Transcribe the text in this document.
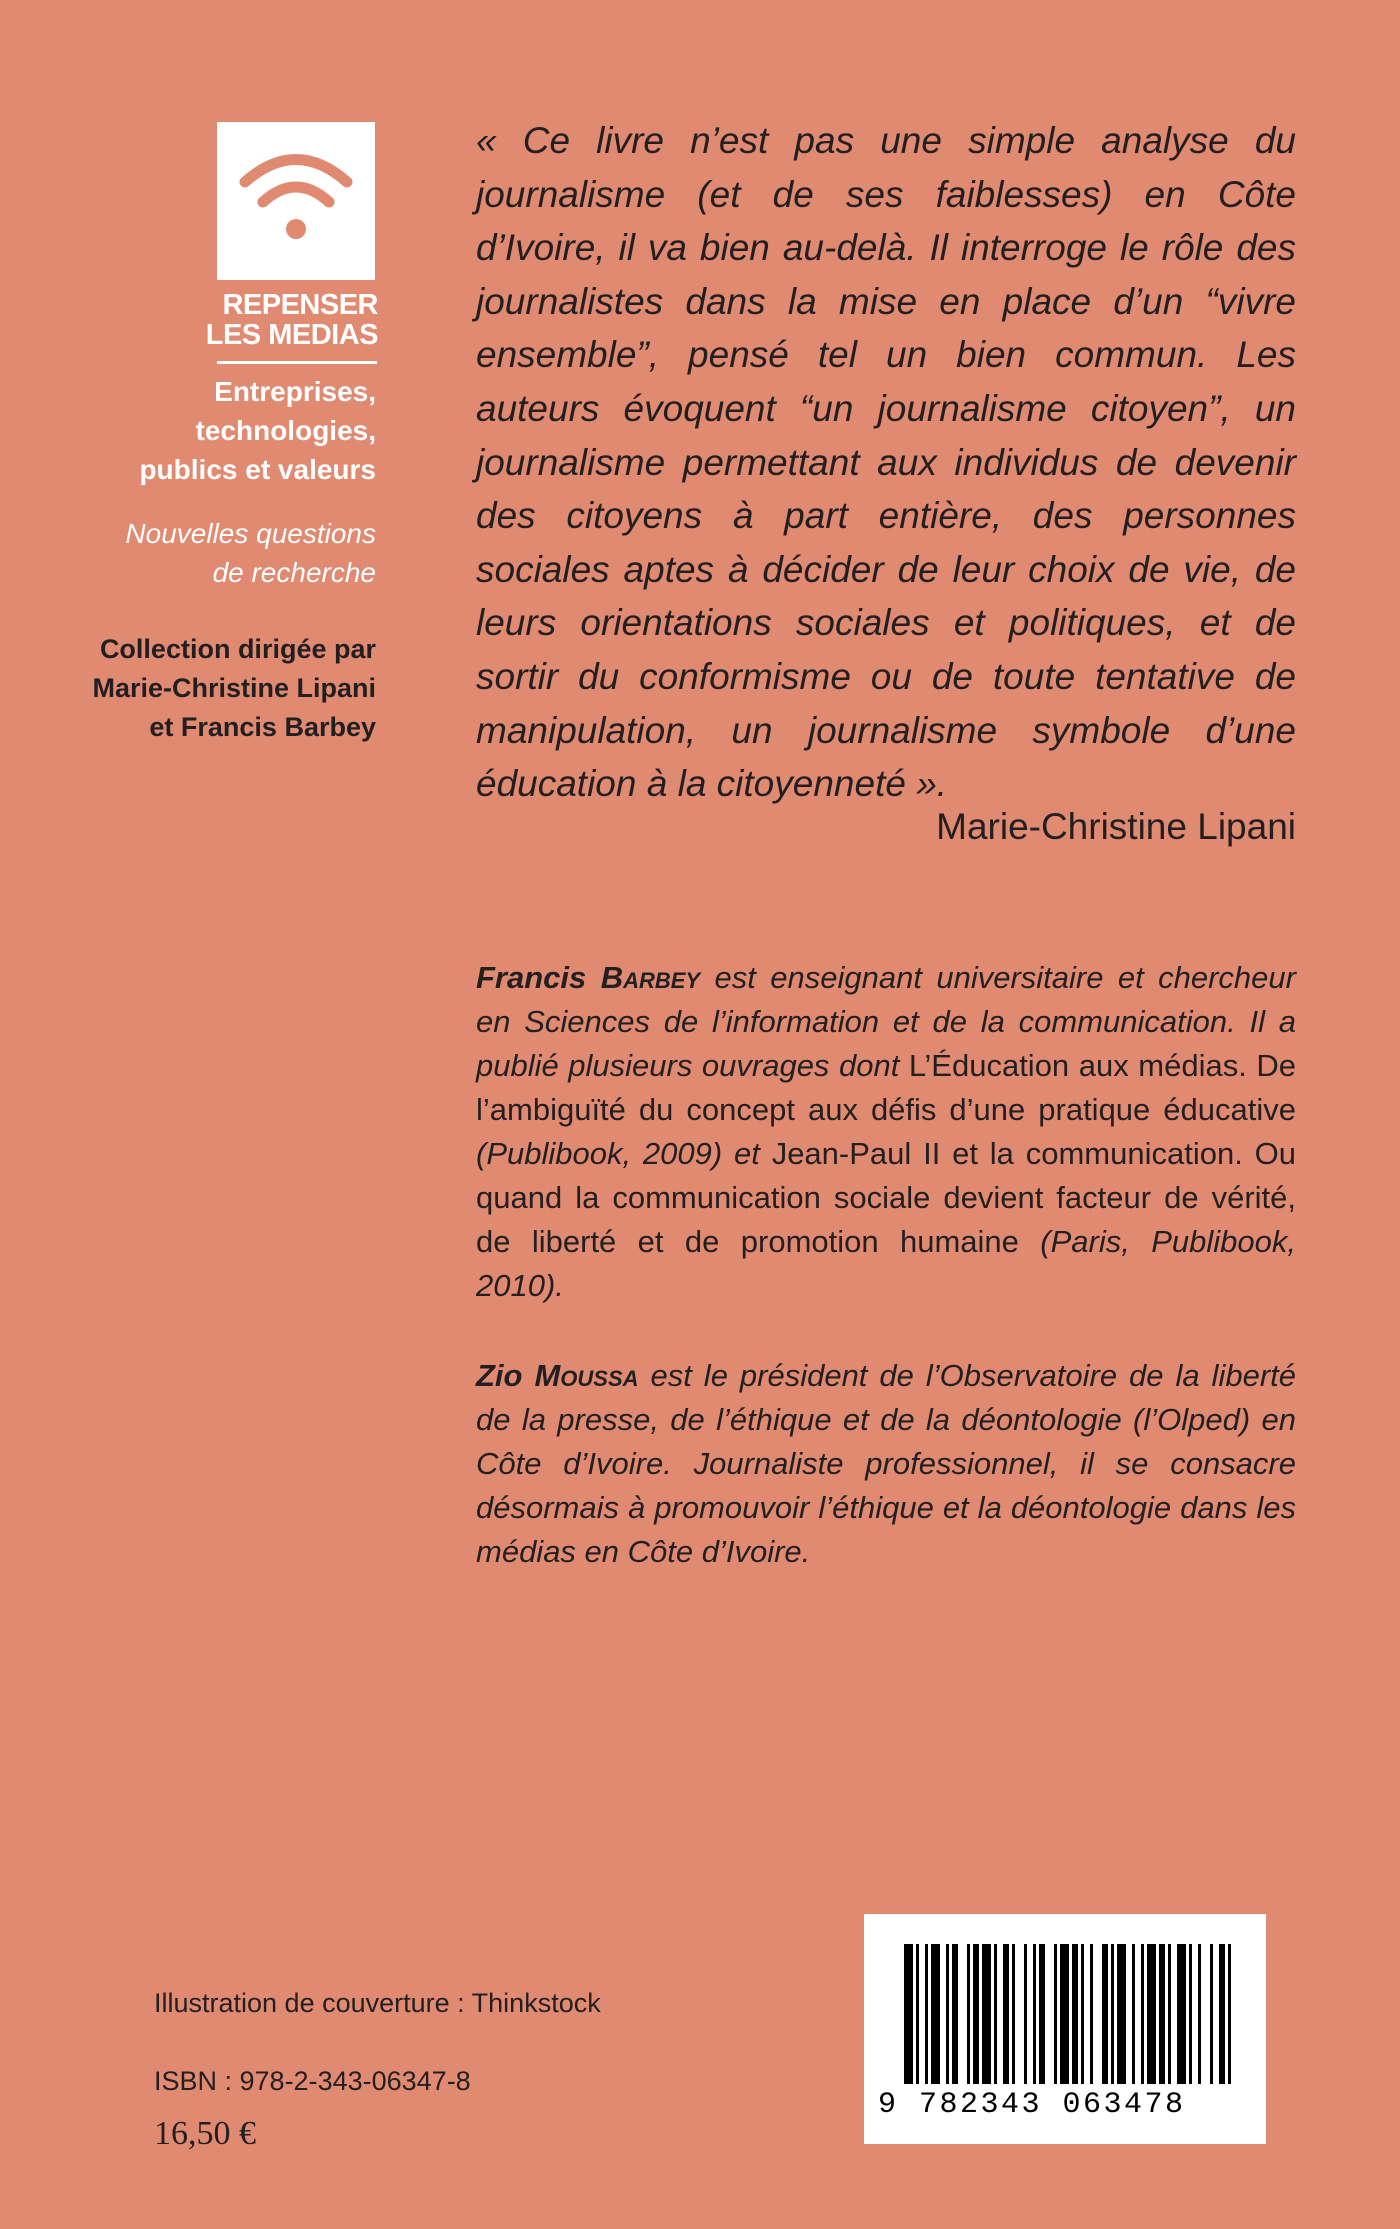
REPENSER
LES MEDIAS
Entreprises,
technologies,
publics et valeurs
Nouvelles questions
de recherche
Collection dirigée par
Marie-Christine Lipani
et Francis Barbey
« Ce livre n’est pas une simple analyse du journalisme (et de ses faiblesses) en Côte d’Ivoire, il va bien au-delà. Il interroge le rôle des journalistes dans la mise en place d’un “vivre ensemble”, pensé tel un bien commun. Les auteurs évoquent “un journalisme citoyen”, un journalisme permettant aux individus de devenir des citoyens à part entière, des personnes sociales aptes à décider de leur choix de vie, de leurs orientations sociales et politiques, et de sortir du conformisme ou de toute tentative de manipulation, un journalisme symbole d’une éducation à la citoyenneté ».
Marie-Christine Lipani
Francis Barbey est enseignant universitaire et chercheur en Sciences de l’information et de la communication. Il a publié plusieurs ouvrages dont L’Éducation aux médias. De l’ambiguïté du concept aux défis d’une pratique éducative (Publibook, 2009) et Jean-Paul II et la communication. Ou quand la communication sociale devient facteur de vérité, de liberté et de promotion humaine (Paris, Publibook, 2010).
Zio Moussa est le président de l’Observatoire de la liberté de la presse, de l’éthique et de la déontologie (l’Olped) en Côte d’Ivoire. Journaliste professionnel, il se consacre désormais à promouvoir l’éthique et la déontologie dans les médias en Côte d’Ivoire.
Illustration de couverture : Thinkstock
ISBN : 978-2-343-06347-8
16,50 €
9 782343 063478
